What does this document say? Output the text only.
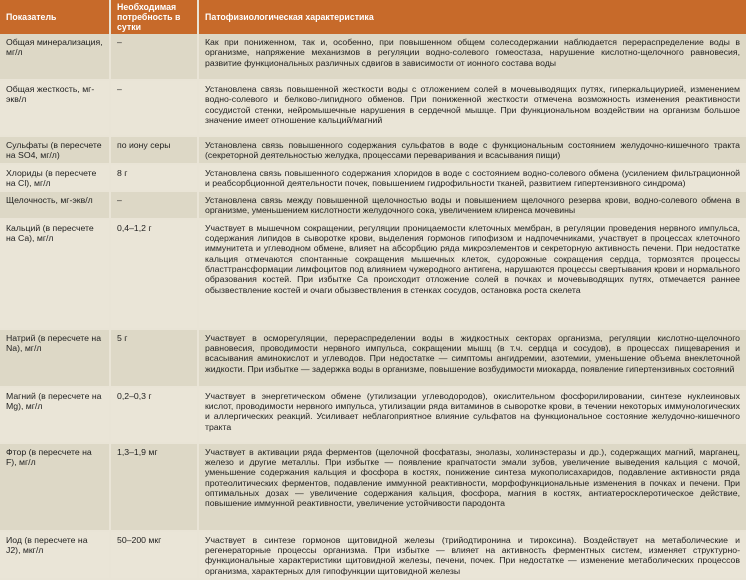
Показатель	Необходимая потребность в сутки	Патофизиологическая характеристика
Общая минерализация, мг/л	–	Как при пониженном, так и, особенно, при повышенном общем солесодержании наблюдается перераспределение воды в организме, напряжение механизмов в регуляции водно-солевого гомеостаза, нарушение кислотно-щелочного равновесия, развитие функциональных различных сдвигов в зависимости от ионного состава воды
Общая жесткость, мг-экв/л	–	Установлена связь повышенной жесткости воды с отложением солей в мочевыводящих путях, гиперкальциурией, изменением водно-солевого и белково-липидного обменов. При пониженной жесткости отмечена возможность изменения реактивности сосудистой стенки, нейромышечные нарушения в сердечной мышце. При функциональном воздействии на организм большое значение имеет отношение кальций/магний
Сульфаты (в пересчете на SO4, мг/л)	по иону серы	Установлена связь повышенного содержания сульфатов в воде с функциональным состоянием желудочно-кишечного тракта (секреторной деятельностью желудка, процессами переваривания и всасывания пищи)
Хлориды (в пересчете на Cl), мг/л	8 г	Установлена связь повышенного содержания хлоридов в воде с состоянием водно-солевого обмена (усилением фильтрационной и реабсорбционной деятельности почек, повышением гидрофильности тканей, развитием гипертензивного синдрома)
Щелочность, мг-экв/л	–	Установлена связь между повышенной щелочностью воды и повышением щелочного резерва крови, водно-солевого обмена в организме, уменьшением кислотности желудочного сока, увеличением клиренса мочевины
Кальций (в пересчете на Ca), мг/л	0,4–1,2 г	Участвует в мышечном сокращении, регуляции проницаемости клеточных мембран, в регуляции проведения нервного импульса, содержания липидов в сыворотке крови, выделения гормонов гипофизом и надпочечниками, участвует в процессах клеточного иммунитета и углеводном обмене, влияет на абсорбцию ряда микроэлементов и секреторную активность печени. При недостатке кальция отмечаются спонтанные сокращения мышечных клеток, судорожные сокращения сердца, тормозятся процессы бласттрансформации лимфоцитов под влиянием чужеродного антигена, нарушаются процессы свертывания крови и нормального образования костей. При избытке Ca происходит отложение солей в почках и мочевыводящих путях, отмечается раннее обызвествление костей и очаги обызвествления в стенках сосудов, остановка роста скелета
Натрий (в пересчете на Na), мг/л	5 г	Участвует в осморегуляции, перераспределении воды в жидкостных секторах организма, регуляции кислотно-щелочного равновесия, проводимости нервного импульса, сокращении мышц (в т.ч. сердца и сосудов), в процессах пищеварения и всасывания аминокислот и углеводов. При недостатке — симптомы ангидремии, азотемии, уменьшение объема внеклеточной жидкости. При избытке — задержка воды в организме, повышение возбудимости миокарда, появление гипертензивных состояний
Магний (в пересчете на Mg), мг/л	0,2–0,3 г	Участвует в энергетическом обмене (утилизации углеводородов), окислительном фосфорилировании, синтезе нуклеиновых кислот, проводимости нервного импульса, утилизации ряда витаминов в сыворотке крови, в течении некоторых иммунологических и аллергических реакций. Усиливает неблагоприятное влияние сульфатов на функциональное состояние желудочно-кишечного тракта
Фтор (в пересчете на F), мг/л	1,3–1,9 мг	Участвует в активации ряда ферментов (щелочной фосфатазы, энолазы, холинэстеразы и др.), содержащих магний, марганец, железо и другие металлы. При избытке — появление крапчатости эмали зубов, увеличение выведения кальция с мочой, уменьшение содержания кальция и фосфора в костях, понижение синтеза мукополисахаридов, подавление активности ряда протеолитических ферментов, подавление иммунной реактивности, морфофункциональные изменения в почках и печени. При оптимальных дозах — увеличение содержания кальция, фосфора, магния в костях, антиатеросклеротическое действие, повышение иммунной реактивности, увеличение устойчивости пародонта
Иод (в пересчете на J2), мкг/л	50–200 мкг	Участвует в синтезе гормонов щитовидной железы (трийодтиронина и тироксина). Воздействует на метаболические и регенераторные процессы организма. При избытке — влияет на активность ферментных систем, изменяет структурно-функциональные характеристики щитовидной железы, печени, почек. При недостатке — изменение метаболических процессов организма, характерных для гипофункции щитовидной железы
